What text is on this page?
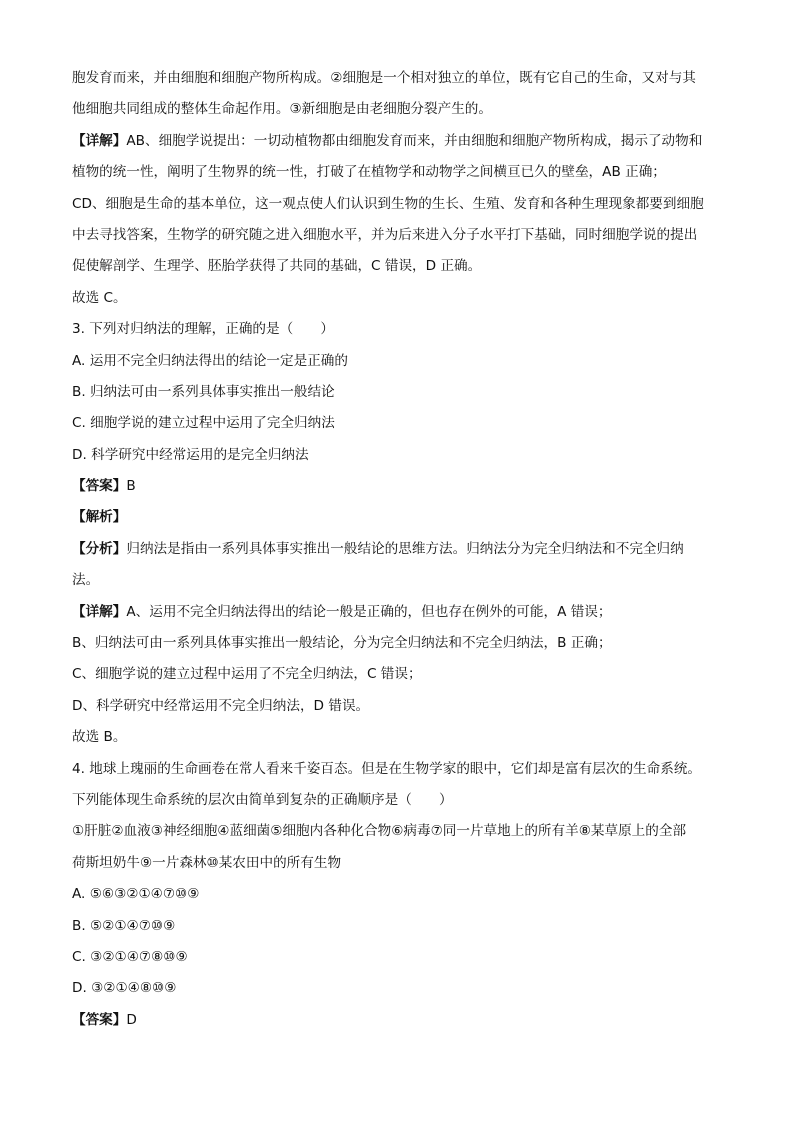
胞发育而来，并由细胞和细胞产物所构成。②细胞是一个相对独立的单位，既有它自己的生命，又对与其
他细胞共同组成的整体生命起作用。③新细胞是由老细胞分裂产生的。
【详解】AB、细胞学说提出：一切动植物都由细胞发育而来，并由细胞和细胞产物所构成，揭示了动物和
植物的统一性，阐明了生物界的统一性，打破了在植物学和动物学之间横亘已久的壁垒，AB 正确；
CD、细胞是生命的基本单位，这一观点使人们认识到生物的生长、生殖、发育和各种生理现象都要到细胞
中去寻找答案，生物学的研究随之进入细胞水平，并为后来进入分子水平打下基础，同时细胞学说的提出
促使解剖学、生理学、胚胎学获得了共同的基础，C 错误，D 正确。
故选 C。
3. 下列对归纳法的理解，正确的是（　　）
A. 运用不完全归纳法得出的结论一定是正确的
B. 归纳法可由一系列具体事实推出一般结论
C. 细胞学说的建立过程中运用了完全归纳法
D. 科学研究中经常运用的是完全归纳法
【答案】B
【解析】
【分析】归纳法是指由一系列具体事实推出一般结论的思维方法。归纳法分为完全归纳法和不完全归纳
法。
【详解】A、运用不完全归纳法得出的结论一般是正确的，但也存在例外的可能，A 错误；
B、归纳法可由一系列具体事实推出一般结论，分为完全归纳法和不完全归纳法，B 正确；
C、细胞学说的建立过程中运用了不完全归纳法，C 错误；
D、科学研究中经常运用不完全归纳法，D 错误。
故选 B。
4. 地球上瑰丽的生命画卷在常人看来千姿百态。但是在生物学家的眼中，它们却是富有层次的生命系统。
下列能体现生命系统的层次由简单到复杂的正确顺序是（　　）
①肝脏②血液③神经细胞④蓝细菌⑤细胞内各种化合物⑥病毒⑦同一片草地上的所有羊⑧某草原上的全部
荷斯坦奶牛⑨一片森林⑩某农田中的所有生物
A. ⑤⑥③②①④⑦⑩⑨
B. ⑤②①④⑦⑩⑨
C. ③②①④⑦⑧⑩⑨
D. ③②①④⑧⑩⑨
【答案】D
